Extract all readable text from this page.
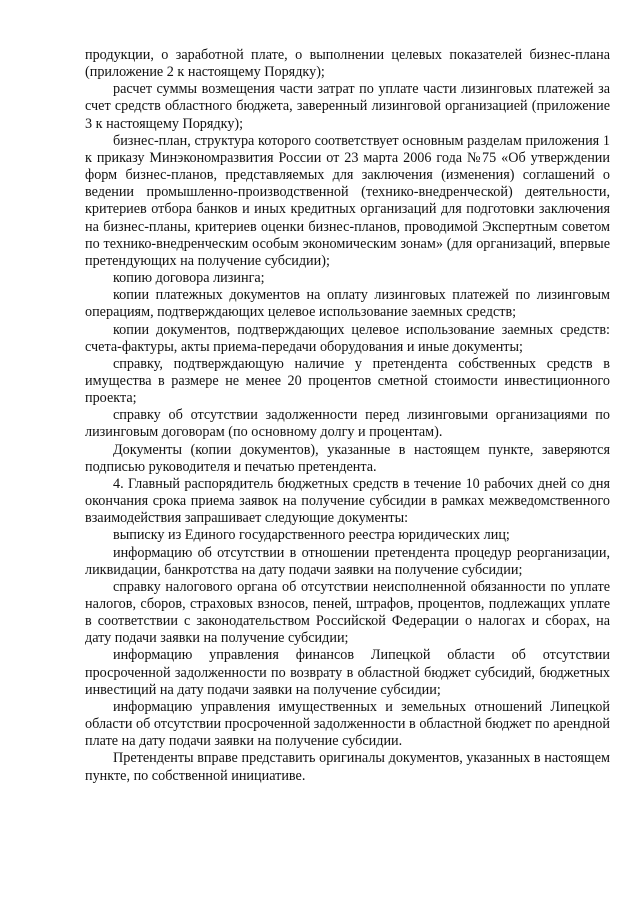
продукции, о заработной плате, о выполнении целевых показателей бизнес-плана (приложение 2 к настоящему Порядку);

расчет суммы возмещения части затрат по уплате части лизинговых платежей за счет средств областного бюджета, заверенный лизинговой организацией (приложение 3 к настоящему Порядку);

бизнес-план, структура которого соответствует основным разделам приложения 1 к приказу Минэкономразвития России от 23 марта 2006 года №75 «Об утверждении форм бизнес-планов, представляемых для заключения (изменения) соглашений о ведении промышленно-производственной (технико-внедренческой) деятельности, критериев отбора банков и иных кредитных организаций для подготовки заключения на бизнес-планы, критериев оценки бизнес-планов, проводимой Экспертным советом по технико-внедренческим особым экономическим зонам» (для организаций, впервые претендующих на получение субсидии);

копию договора лизинга;

копии платежных документов на оплату лизинговых платежей по лизинговым операциям, подтверждающих целевое использование заемных средств;

копии документов, подтверждающих целевое использование заемных средств: счета-фактуры, акты приема-передачи оборудования и иные документы;

справку, подтверждающую наличие у претендента собственных средств в имущества в размере не менее 20 процентов сметной стоимости инвестиционного проекта;

справку об отсутствии задолженности перед лизинговыми организациями по лизинговым договорам (по основному долгу и процентам).

Документы (копии документов), указанные в настоящем пункте, заверяются подписью руководителя и печатью претендента.

4. Главный распорядитель бюджетных средств в течение 10 рабочих дней со дня окончания срока приема заявок на получение субсидии в рамках межведомственного взаимодействия запрашивает следующие документы:

выписку из Единого государственного реестра юридических лиц;

информацию об отсутствии в отношении претендента процедур реорганизации, ликвидации, банкротства на дату подачи заявки на получение субсидии;

справку налогового органа об отсутствии неисполненной обязанности по уплате налогов, сборов, страховых взносов, пеней, штрафов, процентов, подлежащих уплате в соответствии с законодательством Российской Федерации о налогах и сборах, на дату подачи заявки на получение субсидии;

информацию управления финансов Липецкой области об отсутствии просроченной задолженности по возврату в областной бюджет субсидий, бюджетных инвестиций на дату подачи заявки на получение субсидии;

информацию управления имущественных и земельных отношений Липецкой области об отсутствии просроченной задолженности в областной бюджет по арендной плате на дату подачи заявки на получение субсидии.

Претенденты вправе представить оригиналы документов, указанных в настоящем пункте, по собственной инициативе.
